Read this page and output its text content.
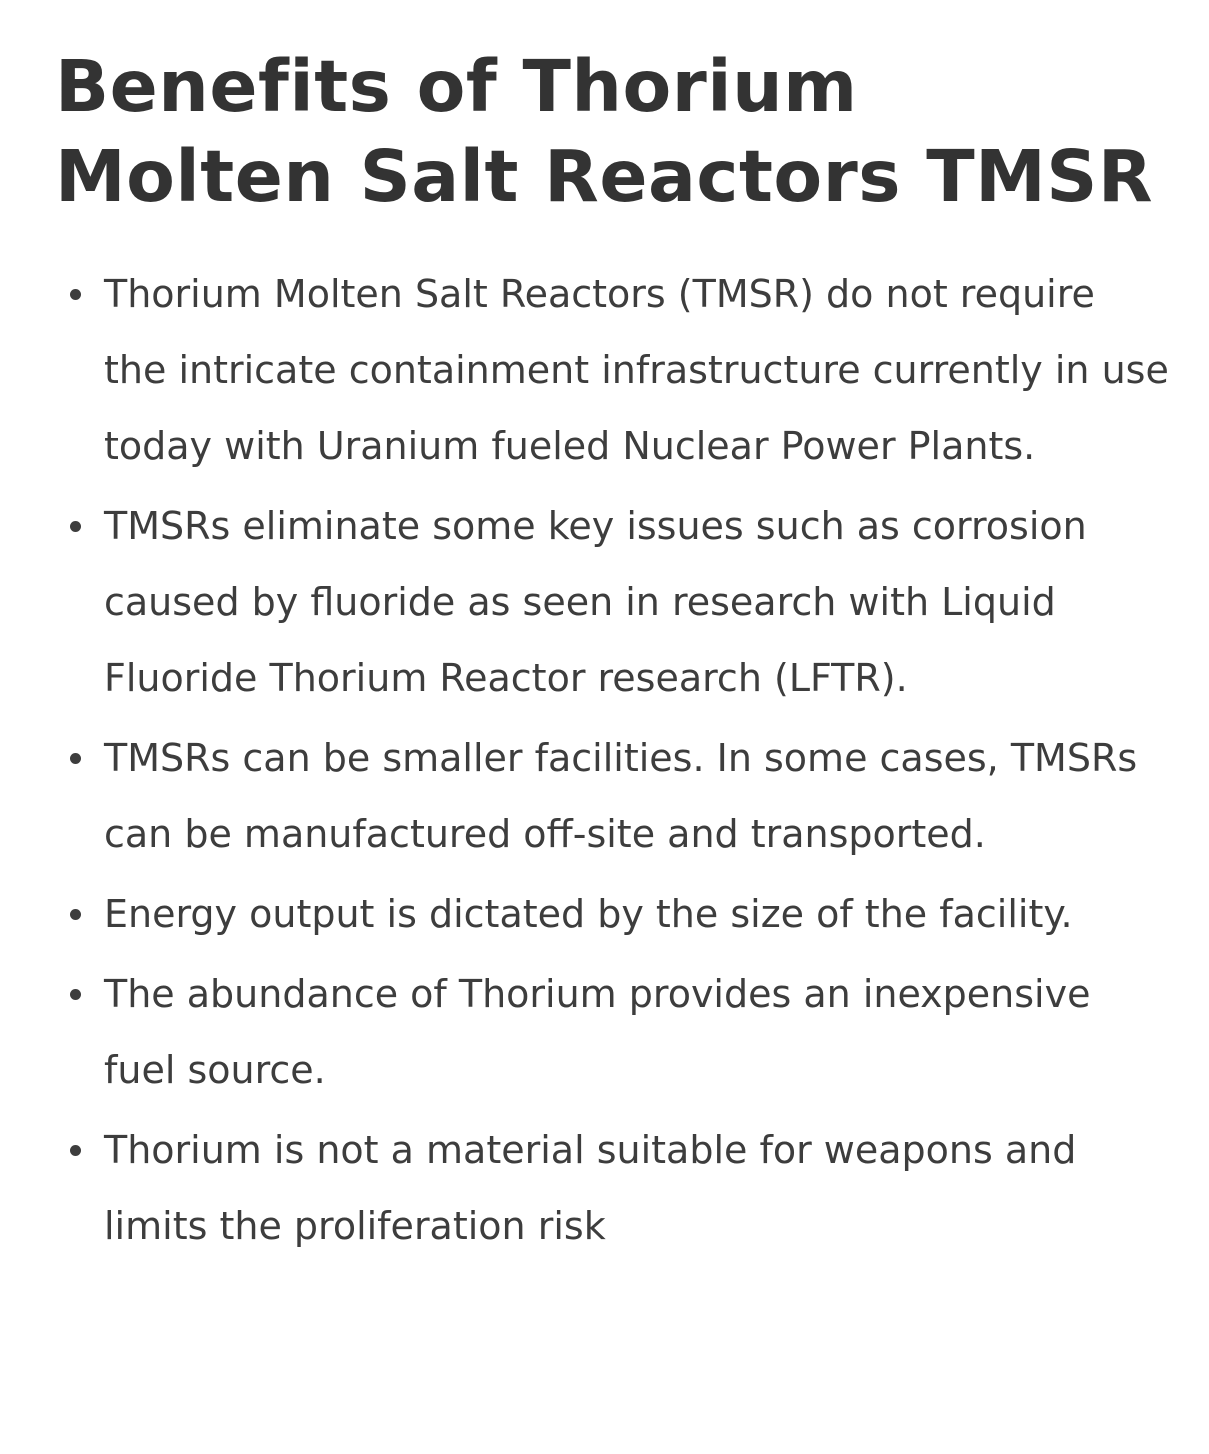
Benefits of Thorium Molten Salt Reactors TMSR
Thorium Molten Salt Reactors (TMSR) do not require the intricate containment infrastructure currently in use today with Uranium fueled Nuclear Power Plants.
TMSRs eliminate some key issues such as corrosion caused by fluoride as seen in research with Liquid Fluoride Thorium Reactor research (LFTR).
TMSRs can be smaller facilities. In some cases, TMSRs can be manufactured off-site and transported.
Energy output is dictated by the size of the facility.
The abundance of Thorium provides an inexpensive fuel source.
Thorium is not a material suitable for weapons and limits the proliferation risk
